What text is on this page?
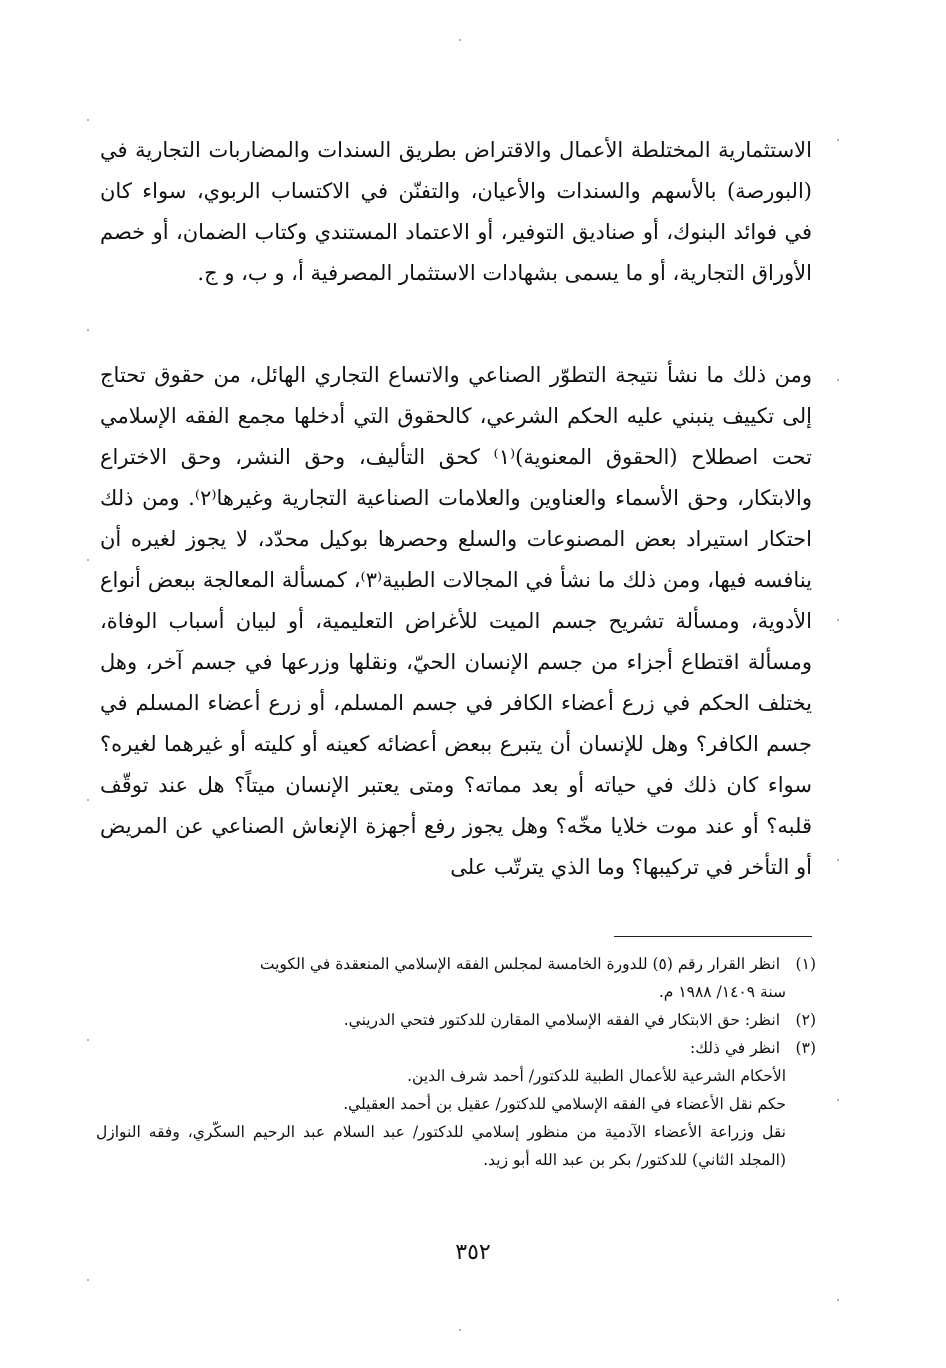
الاستثمارية المختلطة الأعمال والاقتراض بطريق السندات والمضاربات التجارية في (البورصة) بالأسهم والسندات والأعيان، والتفنّن في الاكتساب الربوي، سواء كان في فوائد البنوك، أو صناديق التوفير، أو الاعتماد المستندي وكتاب الضمان، أو خصم الأوراق التجارية، أو ما يسمى بشهادات الاستثمار المصرفية أ، و ب، و ج.

ومن ذلك ما نشأ نتيجة التطوّر الصناعي والاتساع التجاري الهائل، من حقوق تحتاج إلى تكييف ينبني عليه الحكم الشرعي، كالحقوق التي أدخلها مجمع الفقه الإسلامي تحت اصطلاح (الحقوق المعنوية)⁽١⁾ كحق التأليف، وحق النشر، وحق الاختراع والابتكار، وحق الأسماء والعناوين والعلامات الصناعية التجارية وغيرها⁽٢⁾. ومن ذلك احتكار استيراد بعض المصنوعات والسلع وحصرها بوكيل محدّد، لا يجوز لغيره أن ينافسه فيها، ومن ذلك ما نشأ في المجالات الطبية⁽٣⁾، كمسألة المعالجة ببعض أنواع الأدوية، ومسألة تشريح جسم الميت للأغراض التعليمية، أو لبيان أسباب الوفاة، ومسألة اقتطاع أجزاء من جسم الإنسان الحيّ، ونقلها وزرعها في جسم آخر، وهل يختلف الحكم في زرع أعضاء الكافر في جسم المسلم، أو زرع أعضاء المسلم في جسم الكافر؟ وهل للإنسان أن يتبرع ببعض أعضائه كعينه أو كليته أو غيرهما لغيره؟ سواء كان ذلك في حياته أو بعد مماته؟ ومتى يعتبر الإنسان ميتاً؟ هل عند توقّف قلبه؟ أو عند موت خلايا مخّه؟ وهل يجوز رفع أجهزة الإنعاش الصناعي عن المريض أو التأخر في تركيبها؟ وما الذي يترتّب على

(١)انظر القرار رقم (٥) للدورة الخامسة لمجلس الفقه الإسلامي المنعقدة في الكويت

سنة ١٤٠٩/ ١٩٨٨ م.

(٢)انظر: حق الابتكار في الفقه الإسلامي المقارن للدكتور فتحي الدريني.

(٣)انظر في ذلك:

الأحكام الشرعية للأعمال الطبية للدكتور/ أحمد شرف الدين.

حكم نقل الأعضاء في الفقه الإسلامي للدكتور/ عقيل بن أحمد العقيلي.

نقل وزراعة الأعضاء الآدمية من منظور إسلامي للدكتور/ عبد السلام عبد الرحيم السكّري، وفقه النوازل (المجلد الثاني) للدكتور/ بكر بن عبد الله أبو زيد.

٣٥٢
